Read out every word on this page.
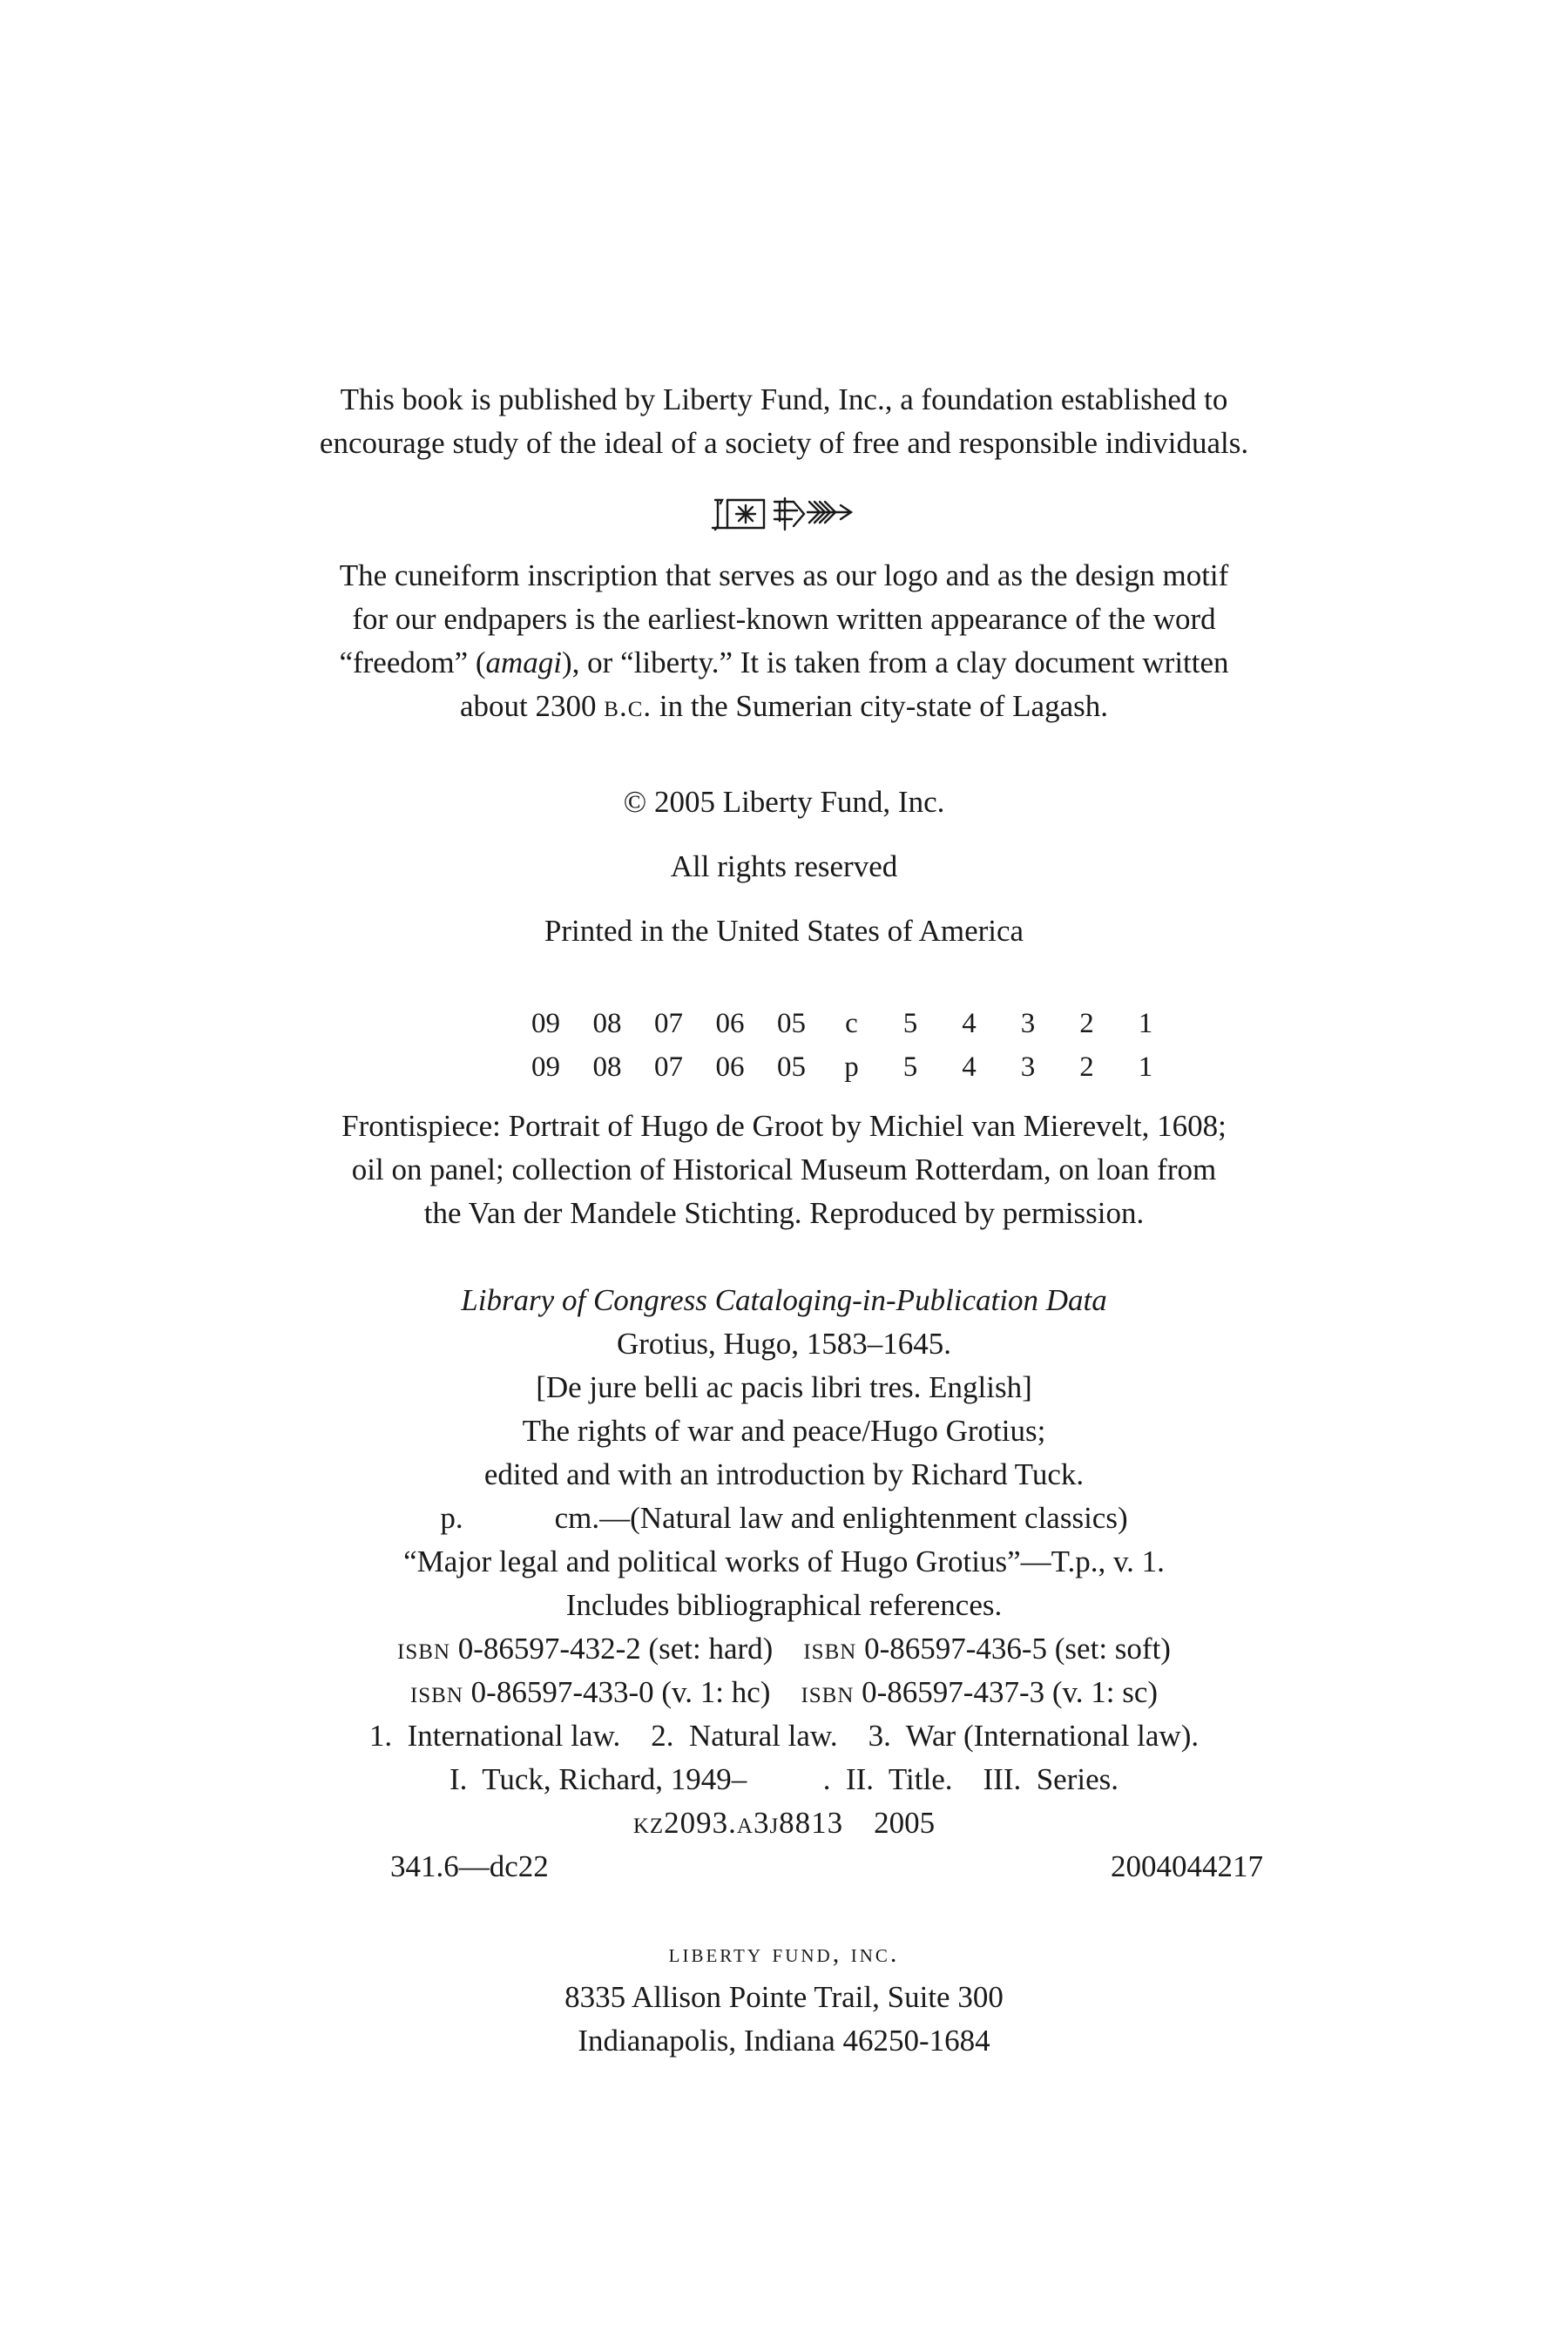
This book is published by Liberty Fund, Inc., a foundation established to
encourage study of the ideal of a society of free and responsible individuals.
The cuneiform inscription that serves as our logo and as the design motif
for our endpapers is the earliest-known written appearance of the word
“freedom” (amagi), or “liberty.” It is taken from a clay document written
about 2300 b.c. in the Sumerian city-state of Lagash.
© 2005 Liberty Fund, Inc.
All rights reserved
Printed in the United States of America
09 08 07 06 05 c 5 4 3 2 1
09 08 07 06 05 p 5 4 3 2 1
Frontispiece: Portrait of Hugo de Groot by Michiel van Mierevelt, 1608;
oil on panel; collection of Historical Museum Rotterdam, on loan from
the Van der Mandele Stichting. Reproduced by permission.
Library of Congress Cataloging-in-Publication Data
Grotius, Hugo, 1583–1645.
[De jure belli ac pacis libri tres. English]
The rights of war and peace/Hugo Grotius;
edited and with an introduction by Richard Tuck.
p.            cm.—(Natural law and enlightenment classics)
“Major legal and political works of Hugo Grotius”—T.p., v. 1.
Includes bibliographical references.
isbn 0-86597-432-2 (set: hard)    isbn 0-86597-436-5 (set: soft)
isbn 0-86597-433-0 (v. 1: hc)    isbn 0-86597-437-3 (v. 1: sc)
1.  International law.    2.  Natural law.    3.  War (International law).
I.  Tuck, Richard, 1949–          .  II.  Title.    III.  Series.
kz2093.a3j8813 2005
341.6—dc22	2004044217
liberty fund, inc.
8335 Allison Pointe Trail, Suite 300
Indianapolis, Indiana 46250-1684
